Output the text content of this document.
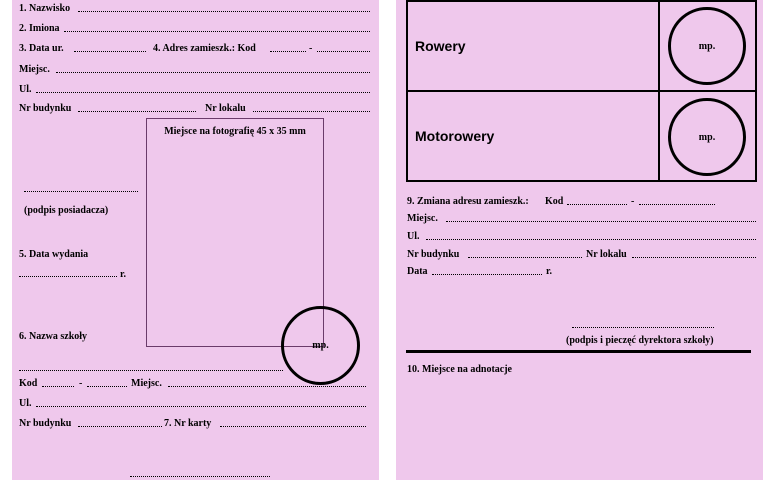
1. Nazwisko
2. Imiona
3. Data ur.	4. Adres zamieszk.: Kod	-
Miejsc.
Ul.
Nr budynku	Nr lokalu
Miejsce na fotografię 45 x 35 mm
(podpis posiadacza)
5. Data wydania
r.
6. Nazwa szkoły
mp.
Kod	-	Miejsc.
Ul.
Nr budynku	7. Nr karty
Rowery	mp.
Motorowery	mp.
9. Zmiana adresu zamieszk.: Kod	-
Miejsc.
Ul.
Nr budynku	Nr lokalu
Data	r.
(podpis i pieczęć dyrektora szkoły)
10. Miejsce na adnotacje
